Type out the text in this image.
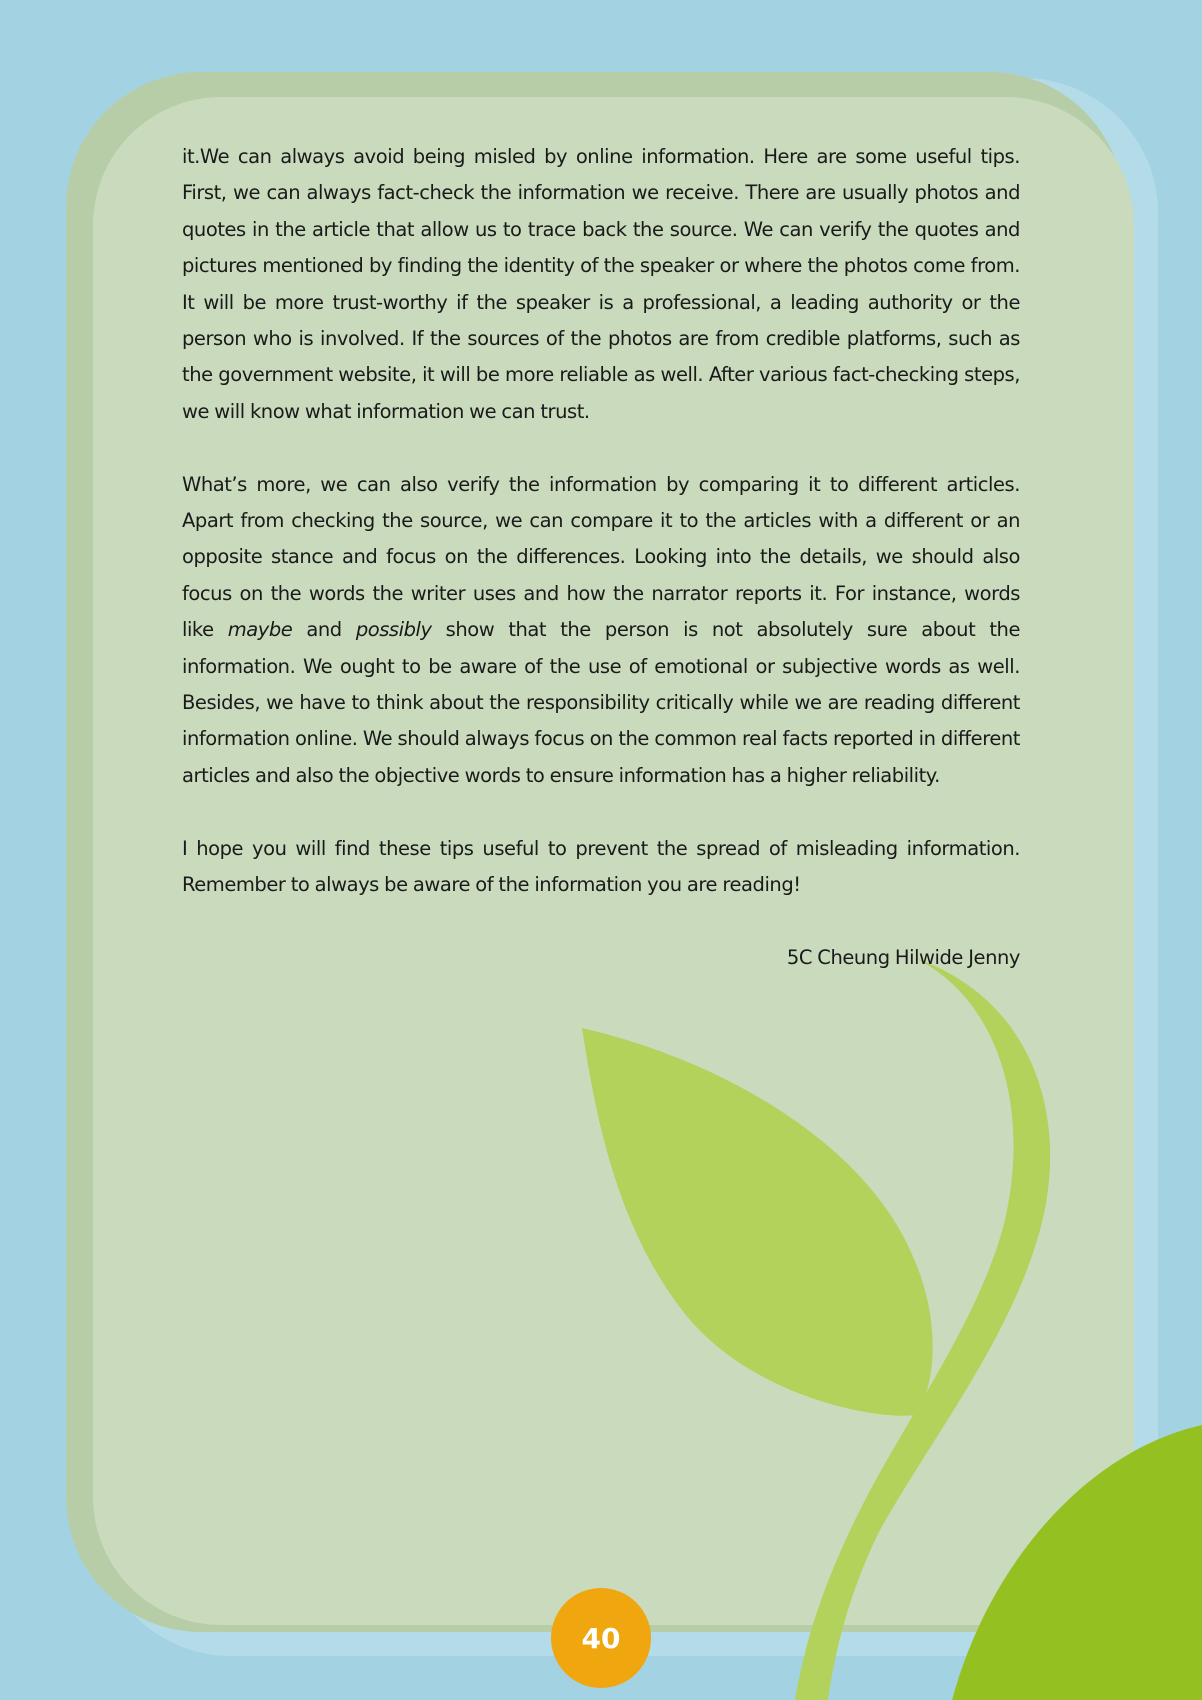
it.We can always avoid being misled by online information. Here are some useful tips. First, we can always fact-check the information we receive. There are usually photos and quotes in the article that allow us to trace back the source. We can verify the quotes and pictures mentioned by finding the identity of the speaker or where the photos come from. It will be more trust-worthy if the speaker is a professional, a leading authority or the person who is involved. If the sources of the photos are from credible platforms, such as the government website, it will be more reliable as well. After various fact-checking steps, we will know what information we can trust.

What’s more, we can also verify the information by comparing it to different articles. Apart from checking the source, we can compare it to the articles with a different or an opposite stance and focus on the differences. Looking into the details, we should also focus on the words the writer uses and how the narrator reports it. For instance, words like maybe and possibly show that the person is not absolutely sure about the information. We ought to be aware of the use of emotional or subjective words as well. Besides, we have to think about the responsibility critically while we are reading different information online. We should always focus on the common real facts reported in different articles and also the objective words to ensure information has a higher reliability.

I hope you will find these tips useful to prevent the spread of misleading information. Remember to always be aware of the information you are reading!

5C Cheung Hilwide Jenny

40
